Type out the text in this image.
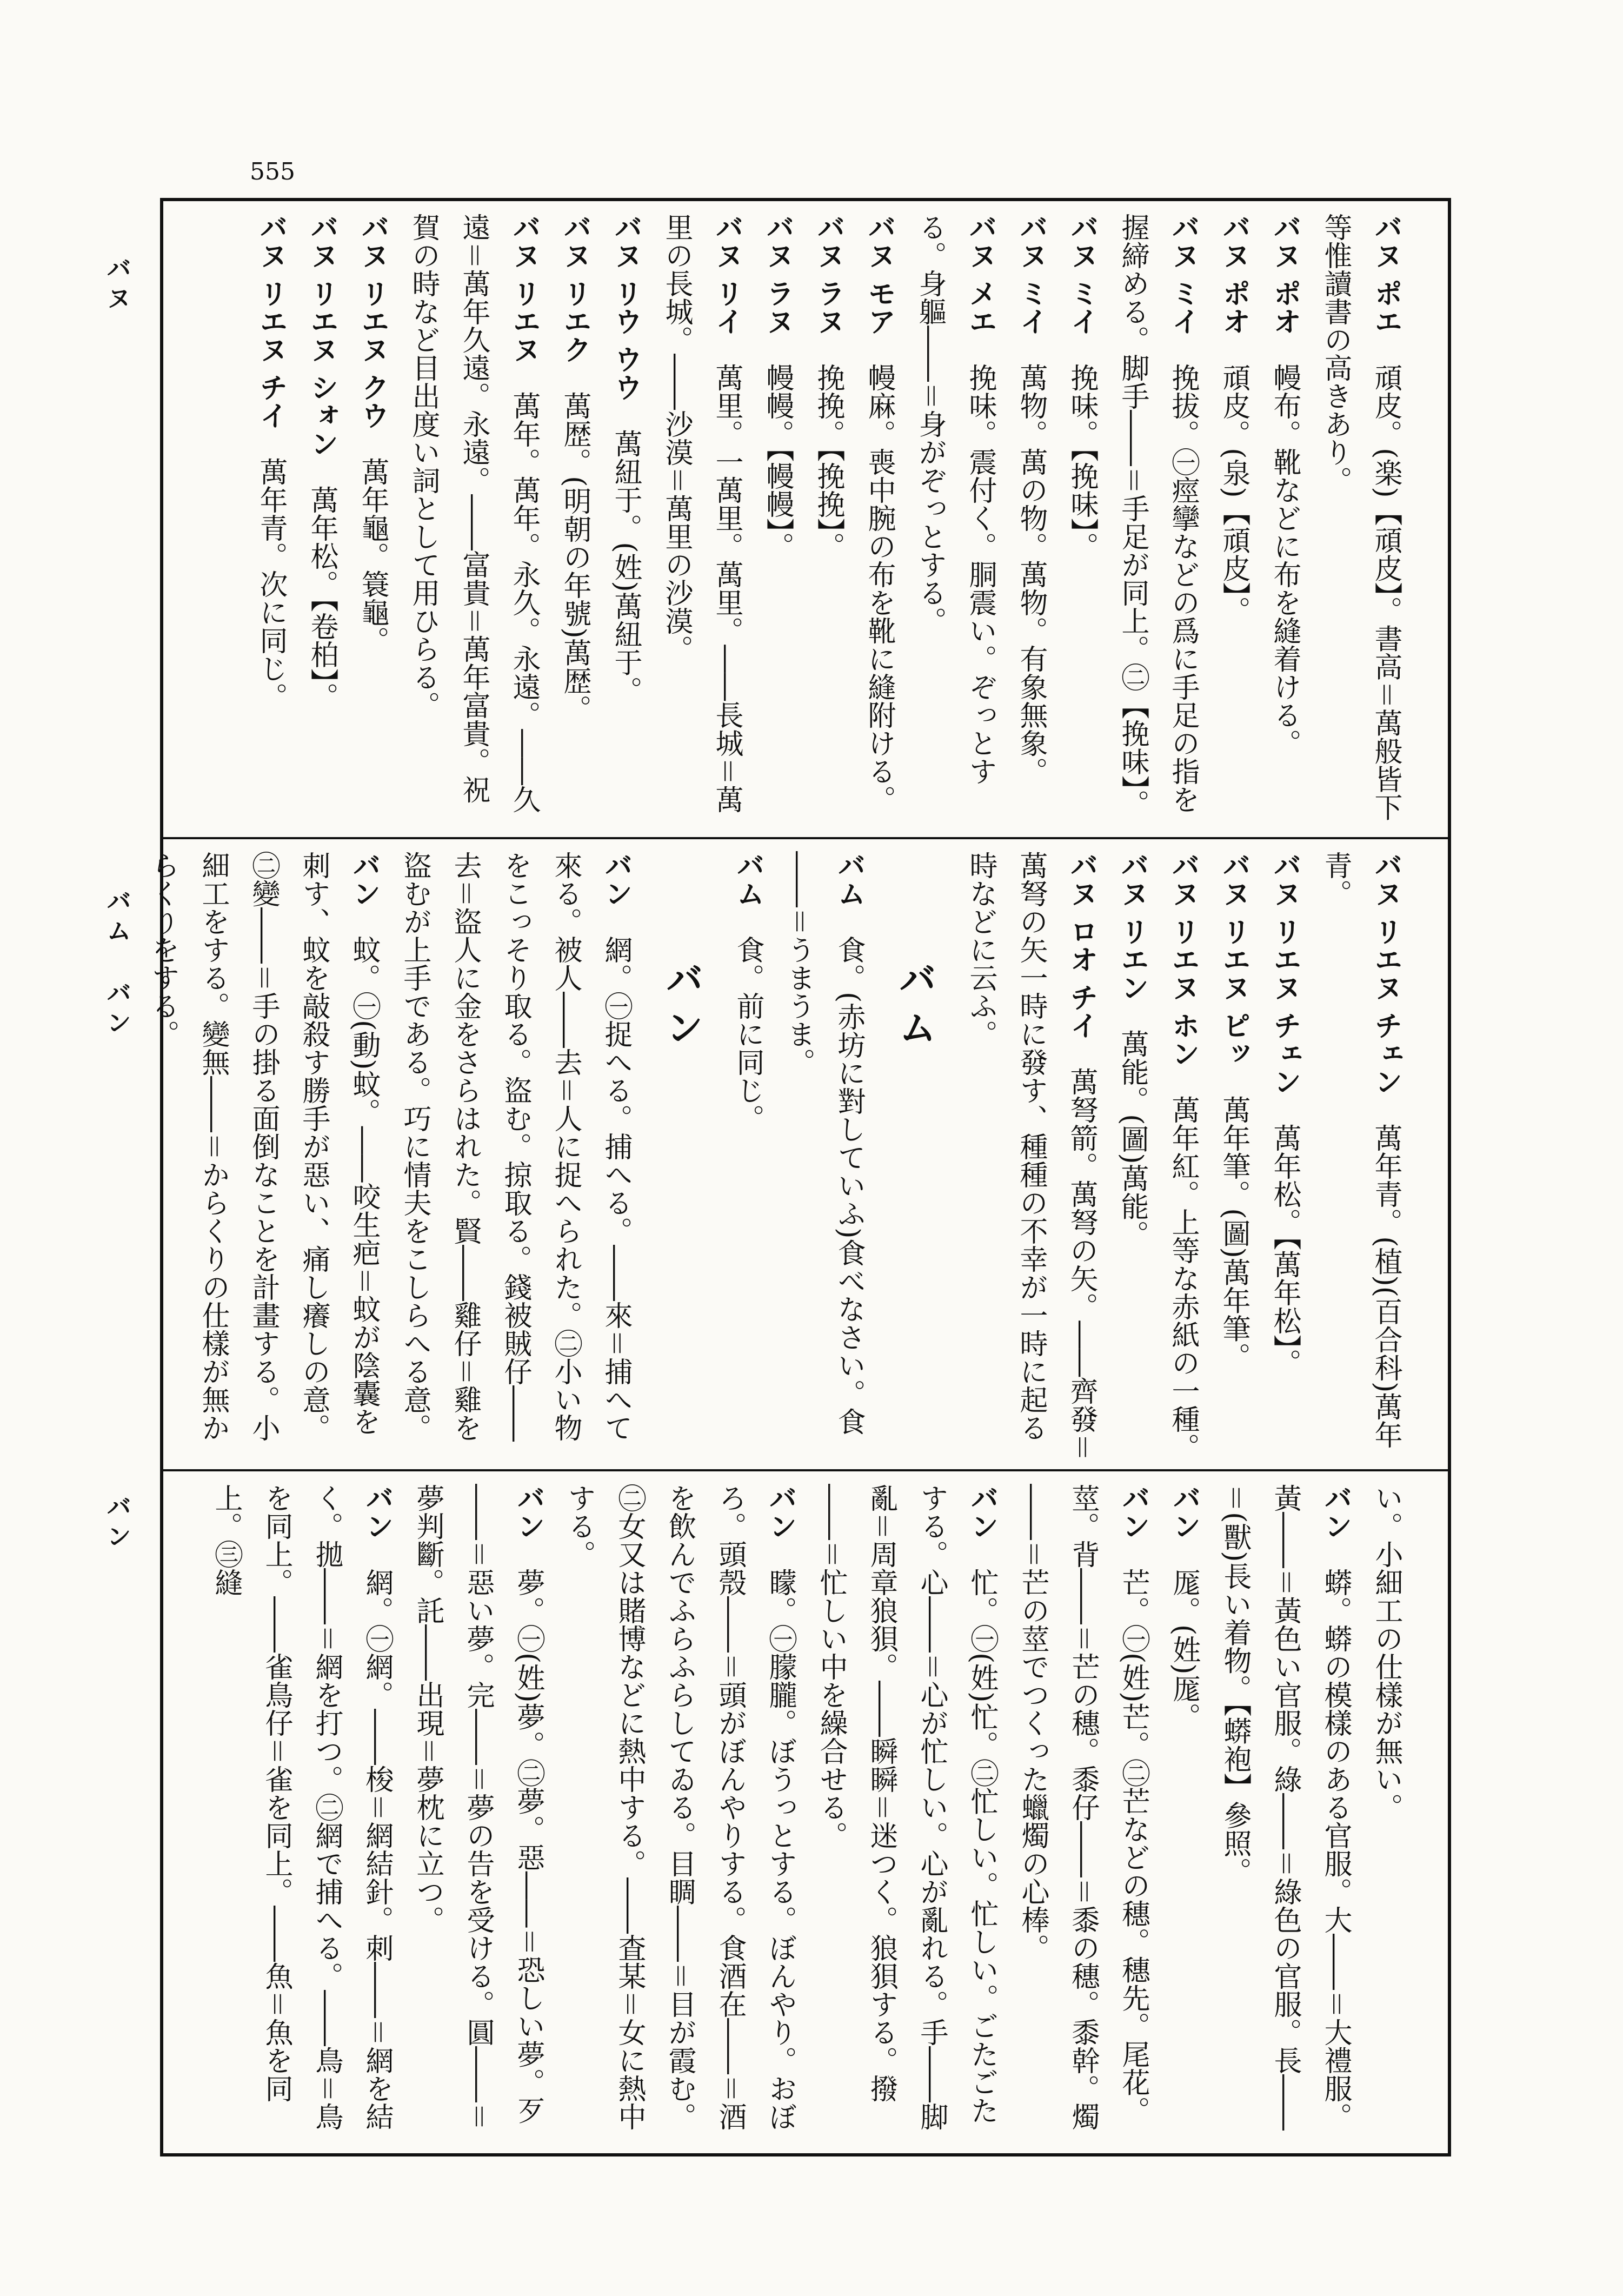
555
バ
ヌ
バ
ム

バ
ン
バ
ン
バヌ ポエ　頑皮。(楽)【頑皮】。書高＝萬般皆下等惟讀書の高きあり。
バヌ ポオ　幔布。靴などに布を縫着ける。
バヌ ポオ　頑皮。(泉)【頑皮】。
バヌ ミイ　挽拔。㊀痙攣などの爲に手足の指を握締める。脚手――＝手足が同上。㊁【挽味】。
バヌ ミイ　挽味。【挽味】。
バヌ ミイ　萬物。萬の物。萬物。有象無象。
バヌ メエ　挽味。震付く。胴震い。ぞっとする。身軀――＝身がぞっとする。
バヌ モア　幔麻。喪中腕の布を靴に縫附ける。
バヌ ラヌ　挽挽。【挽挽】。
バヌ ラヌ　幔幔。【幔幔】。
バヌ リイ　萬里。一萬里。萬里。――長城＝萬里の長城。――沙漠＝萬里の沙漠。
バヌ リウ ウウ　萬紐于。(姓)萬紐于。
バヌ リエク　萬歴。(明朝の年號)萬歴。
バヌ リエヌ　萬年。萬年。永久。永遠。――久遠＝萬年久遠。永遠。――富貴＝萬年富貴。祝賀の時など目出度い詞として用ひらる。
バヌ リエヌ クウ　萬年龜。簑龜。
バヌ リエヌ シォン　萬年松。【卷柏】。
バヌ リエヌ チイ　萬年青。次に同じ。
バヌ リエヌ チェン　萬年青。(植)(百合科)萬年青。
バヌ リエヌ チェン　萬年松。【萬年松】。
バヌ リエヌ ピッ　萬年筆。(圖)萬年筆。
バヌ リエヌ ホン　萬年紅。上等な赤紙の一種。
バヌ リエン　萬能。(圖)萬能。
バヌ ロオ チイ　萬弩箭。萬弩の矢。――齊發＝萬弩の矢一時に發す、種種の不幸が一時に起る時などに云ふ。
バム
バム　食。(赤坊に對していふ)食べなさい。食――＝うまうま。
バム　食。前に同じ。
バン
バン　網。㊀捉へる。捕へる。――來＝捕へて來る。被人――去＝人に捉へられた。㊁小い物をこっそり取る。盜む。掠取る。錢被賊仔――去＝盜人に金をさらはれた。賢――雞仔＝雞を盜むが上手である。巧に情夫をこしらへる意。
バン　蚊。㊀(動)蚊。――咬生疤＝蚊が陰囊を刺す、蚊を敲殺す勝手が惡い、痛し癢しの意。㊁變――＝手の掛る面倒なことを計畫する。小細工をする。變無――＝からくりの仕樣が無からくりをする。
い。小細工の仕樣が無い。
バン　蟒。蟒の模樣のある官服。大――＝大禮服。黃――＝黃色い官服。綠――＝綠色の官服。長――＝(獸)長い着物。【蟒袍】參照。
バン　厖。(姓)厖。
バン　芒。㊀(姓)芒。㊁芒などの穗。穗先。尾花。莖。背――＝芒の穗。黍仔――＝黍の穗。黍幹。燭――＝芒の莖でつくった蠟燭の心棒。
バン　忙。㊀(姓)忙。㊁忙しい。忙しい。ごたごたする。心――＝心が忙しい。心が亂れる。手――脚亂＝周章狼狽。――瞬瞬＝迷つく。狼狽する。撥――＝忙しい中を繰合せる。
バン　矇。㊀朦朧。ぼうっとする。ぼんやり。おぼろ。頭殼――＝頭がぼんやりする。食酒在――＝酒を飲んでふらふらしてゐる。目睭――＝目が霞む。㊁女又は賭博などに熱中する。――査某＝女に熱中する。
バン　夢。㊀(姓)夢。㊁夢。惡――＝恐しい夢。歹――＝惡い夢。完――＝夢の告を受ける。圓――＝夢判斷。託――出現＝夢枕に立つ。
バン　網。㊀網。――梭＝網結針。刺――＝網を結く。拋――＝網を打つ。㊁網で捕へる。――鳥＝鳥を同上。――雀鳥仔＝雀を同上。――魚＝魚を同上。㊂縫
